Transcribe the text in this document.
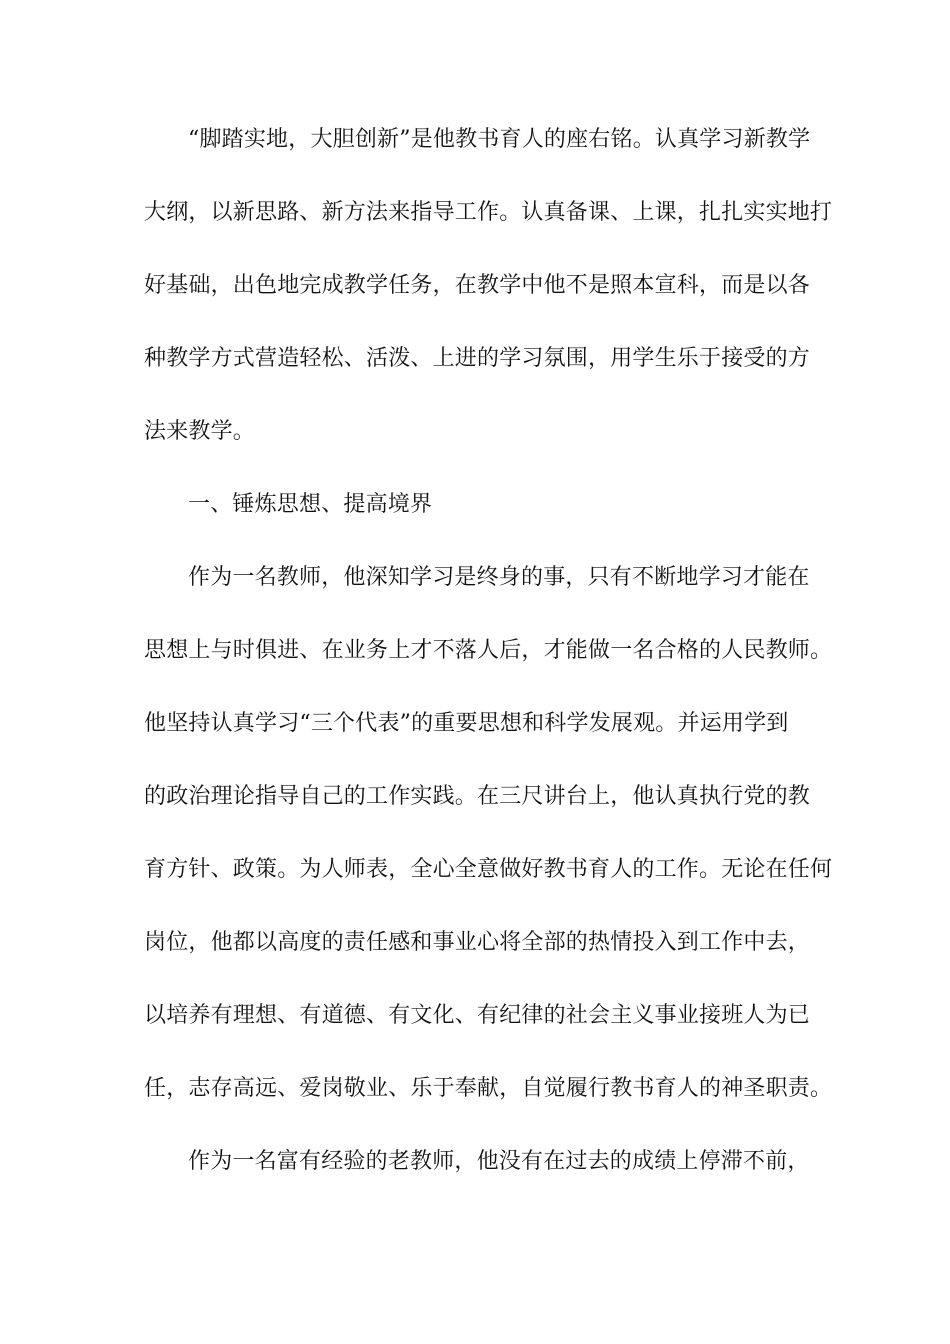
“脚踏实地，大胆创新”是他教书育人的座右铭。认真学习新教学

大纲，以新思路、新方法来指导工作。认真备课、上课，扎扎实实地打

好基础，出色地完成教学任务，在教学中他不是照本宣科，而是以各

种教学方式营造轻松、活泼、上进的学习氛围，用学生乐于接受的方

法来教学。

一、锤炼思想、提高境界

作为一名教师，他深知学习是终身的事，只有不断地学习才能在

思想上与时俱进、在业务上才不落人后，才能做一名合格的人民教师。

他坚持认真学习“三个代表”的重要思想和科学发展观。并运用学到

的政治理论指导自己的工作实践。在三尺讲台上，他认真执行党的教

育方针、政策。为人师表，全心全意做好教书育人的工作。无论在任何

岗位，他都以高度的责任感和事业心将全部的热情投入到工作中去，

以培养有理想、有道德、有文化、有纪律的社会主义事业接班人为已

任，志存高远、爱岗敬业、乐于奉献，自觉履行教书育人的神圣职责。

作为一名富有经验的老教师，他没有在过去的成绩上停滞不前，
